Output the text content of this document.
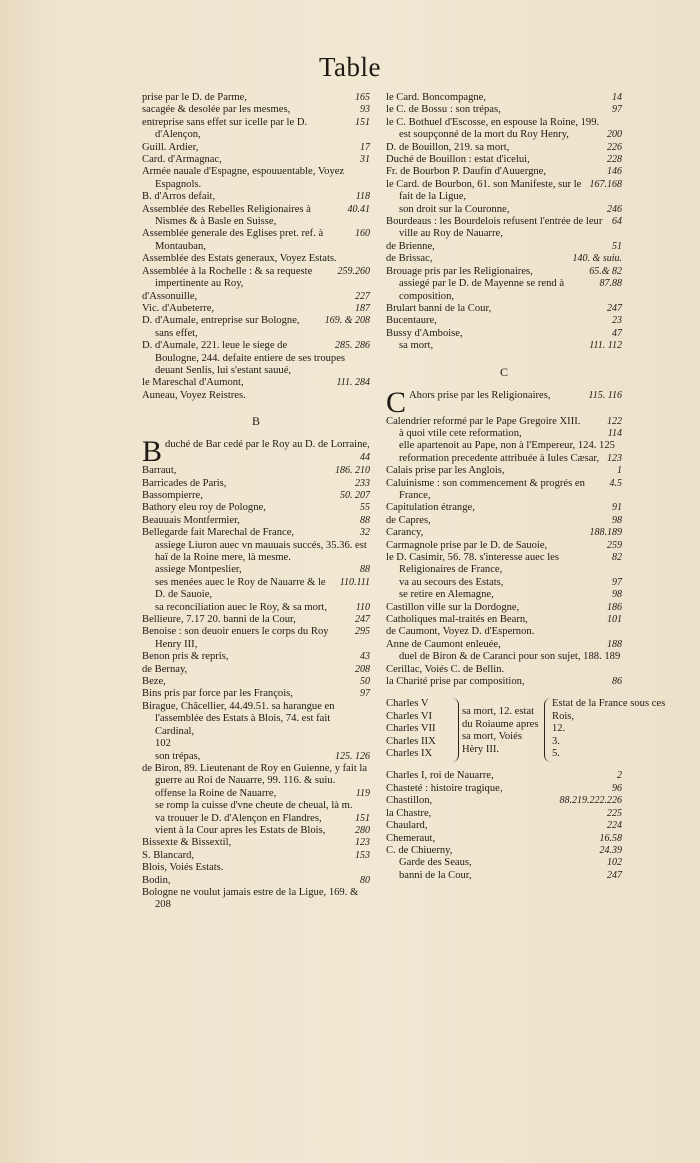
Table
165
prise par le D. de Parme,
93
sacagée & desolée par les mesmes,
151
entreprise sans effet sur icelle par le D. d'Alençon,
17
Guill. Ardier,
31
Card. d'Armagnac,
Armée nauale d'Espagne, espouuentable, Voyez Espagnols.
118
B. d'Arros defait,
40.41
Assemblée des Rebelles Religionaires à Nismes & à Basle en Suisse,
160
Assemblée generale des Eglises pret. ref. à Montauban,
Assemblée des Estats generaux, Voyez Estats.
259.260
Assemblée à la Rochelle : & sa requeste impertinente au Roy,
227
d'Assonuille,
187
Vic. d'Aubeterre,
169. & 208
D. d'Aumale, entreprise sur Bologne, sans effet,
285. 286
D. d'Aumale, 221. leue le siege de Boulogne, 244. defaite entiere de ses troupes deuant Senlis, lui s'estant sauué,
111. 284
le Mareschal d'Aumont,
Auneau, Voyez Reistres.
B
B duché de Bar cedé par le Roy au D. de Lorraine,
44
186. 210
Barraut,
233
Barricades de Paris,
50. 207
Bassompierre,
55
Bathory eleu roy de Pologne,
88
Beauuais Montfermier,
32
Bellegarde fait Marechal de France,
assiege Liuron auec vn mauuais succés, 35.36. est haï de la Roine mere, là mesme.
88
assiege Montpeslier,
110.111
ses menées auec le Roy de Nauarre & le D. de Sauoie,
110
sa reconciliation auec le Roy, & sa mort,
247
Bellieure, 7.17 20. banni de la Cour,
295
Benoise : son deuoir enuers le corps du Roy Henry III,
43
Benon pris & repris,
208
de Bernay,
50
Beze,
97
Bins pris par force par les François,
Birague, Châcellier, 44.49.51. sa harangue en l'assemblée des Estats à Blois, 74. est fait Cardinal,
102
125. 126
son trépas,
de Biron, 89. Lieutenant de Roy en Guienne, y fait la guerre au Roi de Nauarre, 99. 116. & suiu.
119
offense la Roine de Nauarre,
se romp la cuisse d'vne cheute de cheual, là m.
151
va trouuer le D. d'Alençon en Flandres,
280
vient à la Cour apres les Estats de Blois,
123
Bissexte & Bissextil,
153
S. Blancard,
Blois, Voiés Estats.
80
Bodin,
Bologne ne voulut jamais estre de la Ligue, 169. & 208
14
le Card. Boncompagne,
97
le C. de Bossu : son trépas,
le C. Bothuel d'Escosse, en espouse la Roine, 199.
200
est soupçonné de la mort du Roy Henry,
226
D. de Bouillon, 219. sa mort,
228
Duché de Bouillon : estat d'icelui,
146
Fr. de Bourbon P. Daufin d'Auuergne,
167.168
le Card. de Bourbon, 61. son Manifeste, sur le fait de la Ligue,
246
son droit sur la Couronne,
64
Bourdeaus : les Bourdelois refusent l'entrée de leur ville au Roy de Nauarre,
51
de Brienne,
140. & suiu.
de Brissac,
65.& 82
Brouage pris par les Religionaires,
87.88
assiegé par le D. de Mayenne se rend à composition,
247
Brulart banni de la Cour,
23
Bucentaure,
47
Bussy d'Amboise,
111. 112
sa mort,
C
C Ahors prise par les Religionaires,	115. 116
122
Calendrier reformé par le Pape Gregoire XIII.
114
à quoi vtile cete reformation,
elle apartenoit au Pape, non à l'Empereur, 124. 125
123
reformation precedente attribuée à Iules Cæsar,
1
Calais prise par les Anglois,
4.5
Caluinisme : son commencement & progrés en France,
91
Capitulation étrange,
98
de Capres,
188.189
Carancy,
259
Carmagnole prise par le D. de Sauoie,
82
le D. Casimir, 56. 78. s'interesse auec les Religionaires de France,
97
va au secours des Estats,
98
se retire en Alemagne,
186
Castillon ville sur la Dordogne,
101
Catholiques mal-traités en Bearn,
de Caumont, Voyez D. d'Espernon.
188
Anne de Caumont enleuée,
duel de Biron & de Caranci pour son sujet, 188. 189
Cerillac, Voiés C. de Bellin.
86
la Charité prise par composition,
Charles V
Charles VI
Charles VII
Charles IIX
Charles IX
sa mort, 12. estat du Roiaume apres sa mort, Voiés Hèry III.
Estat de la France sous ces
Rois,
12.
3.
5.
2
Charles I, roi de Nauarre,
96
Chasteté : histoire tragique,
88.219.222.226
Chastillon,
225
la Chastre,
224
Chaulard,
16.58
Chemeraut,
24.39
C. de Chiuerny,
102
Garde des Seaus,
247
banni de la Cour,
